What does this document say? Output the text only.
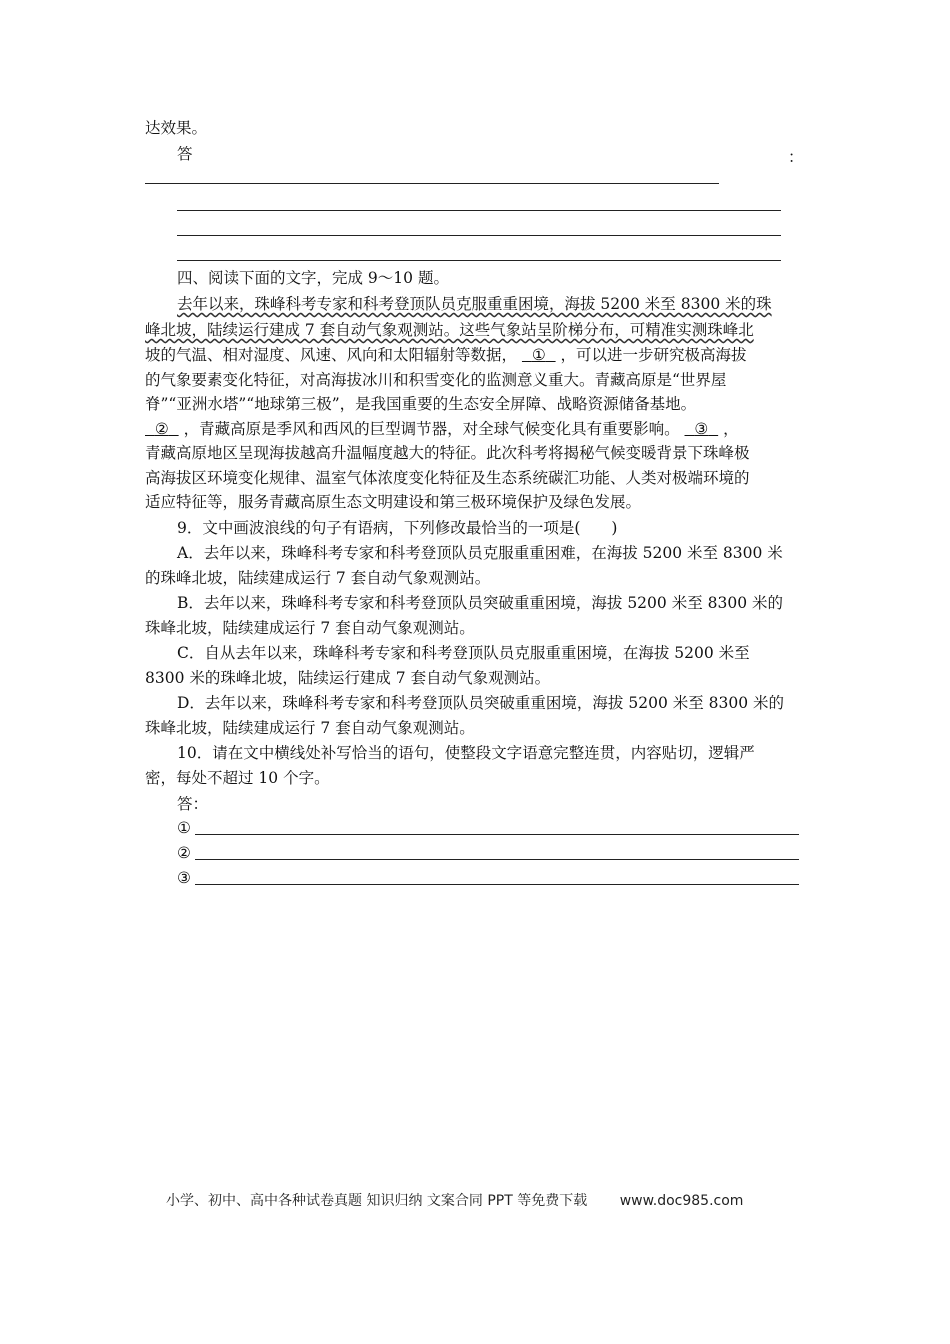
达效果。
答	：
四、阅读下面的文字，完成 9～10 题。
去年以来，珠峰科考专家和科考登顶队员克服重重困境，海拔 5200 米至 8300 米的珠
峰北坡，陆续运行建成 7 套自动气象观测站。这些气象站呈阶梯分布，可精准实测珠峰北
坡的气温、相对湿度、风速、风向和太阳辐射等数据， ① ，可以进一步研究极高海拔
的气象要素变化特征，对高海拔冰川和积雪变化的监测意义重大。青藏高原是“世界屋
脊”“亚洲水塔”“地球第三极”，是我国重要的生态安全屏障、战略资源储备基地。
② ，青藏高原是季风和西风的巨型调节器，对全球气候变化具有重要影响。 ③ ，
青藏高原地区呈现海拔越高升温幅度越大的特征。此次科考将揭秘气候变暖背景下珠峰极
高海拔区环境变化规律、温室气体浓度变化特征及生态系统碳汇功能、人类对极端环境的
适应特征等，服务青藏高原生态文明建设和第三极环境保护及绿色发展。
9．文中画波浪线的句子有语病，下列修改最恰当的一项是(　　)
A．去年以来，珠峰科考专家和科考登顶队员克服重重困难，在海拔 5200 米至 8300 米
的珠峰北坡，陆续建成运行 7 套自动气象观测站。
B．去年以来，珠峰科考专家和科考登顶队员突破重重困境，海拔 5200 米至 8300 米的
珠峰北坡，陆续建成运行 7 套自动气象观测站。
C．自从去年以来，珠峰科考专家和科考登顶队员克服重重困境，在海拔 5200 米至
8300 米的珠峰北坡，陆续运行建成 7 套自动气象观测站。
D．去年以来，珠峰科考专家和科考登顶队员突破重重困境，海拔 5200 米至 8300 米的
珠峰北坡，陆续建成运行 7 套自动气象观测站。
10．请在文中横线处补写恰当的语句，使整段文字语意完整连贯，内容贴切，逻辑严
密，每处不超过 10 个字。
答：
①
②
③
小学、初中、高中各种试卷真题 知识归纳 文案合同 PPT 等免费下载 www.doc985.com
